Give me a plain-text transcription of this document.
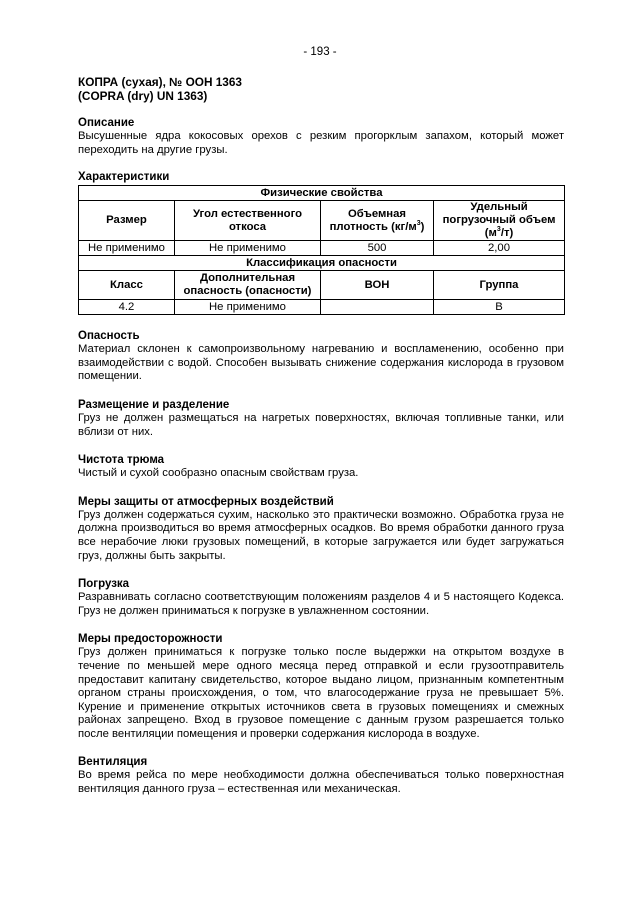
- 193 -
КОПРА (сухая), № ООН 1363
(COPRA (dry) UN 1363)
Описание

Высушенные ядра кокосовых орехов с резким прогорклым запахом, который может переходить на другие грузы.

Характеристики
Физические свойства			
Размер	Угол естественного откоса	Объемная плотность $(кг/м^3)$	Удельный погрузочный объем $(м^3/т)$
Не применимо	Не применимо	500	2,00
Классификация опасности			
Класс	Дополнительная опасность (опасности)	ВОН	Группа
4.2	Не применимо		В
Опасность

Материал склонен к самопроизвольному нагреванию и воспламенению, особенно при взаимодействии с водой. Способен вызывать снижение содержания кислорода в грузовом помещении.

Размещение и разделение

Груз не должен размещаться на нагретых поверхностях, включая топливные танки, или вблизи от них.

Чистота трюма

Чистый и сухой сообразно опасным свойствам груза.

Меры защиты от атмосферных воздействий

Груз должен содержаться сухим, насколько это практически возможно. Обработка груза не должна производиться во время атмосферных осадков. Во время обработки данного груза все нерабочие люки грузовых помещений, в которые загружается или будет загружаться груз, должны быть закрыты.

Погрузка

Разравнивать согласно соответствующим положениям разделов 4 и 5 настоящего Кодекса. Груз не должен приниматься к погрузке в увлажненном состоянии.

Меры предосторожности

Груз должен приниматься к погрузке только после выдержки на открытом воздухе в течение по меньшей мере одного месяца перед отправкой и если грузоотправитель предоставит капитану свидетельство, которое выдано лицом, признанным компетентным органом страны происхождения, о том, что влагосодержание груза не превышает 5%. Курение и применение открытых источников света в грузовых помещениях и смежных районах запрещено. Вход в грузовое помещение с данным грузом разрешается только после вентиляции помещения и проверки содержания кислорода в воздухе.

Вентиляция

Во время рейса по мере необходимости должна обеспечиваться только поверхностная вентиляция данного груза – естественная или механическая.
